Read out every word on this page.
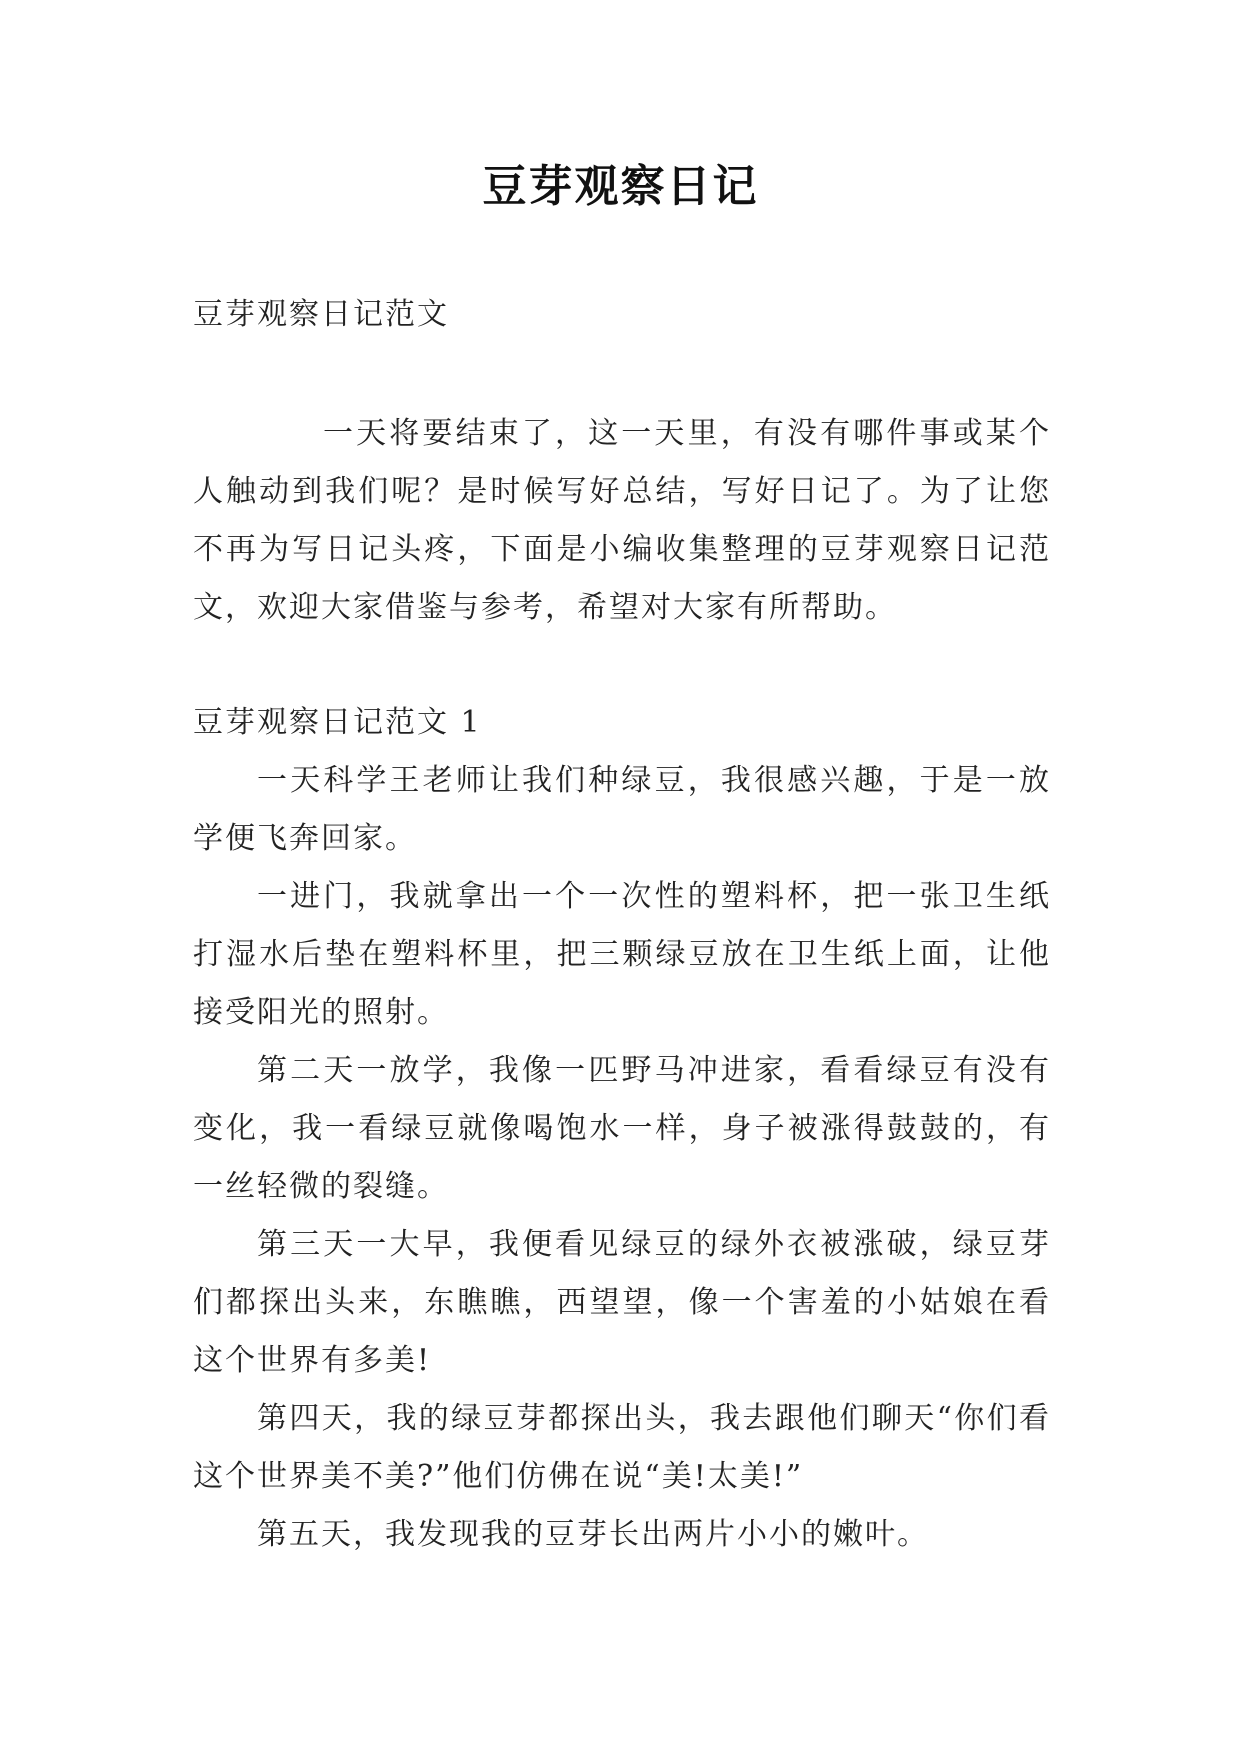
豆芽观察日记
豆芽观察日记范文
一天将要结束了，这一天里，有没有哪件事或某个人触动到我们呢？是时候写好总结，写好日记了。为了让您不再为写日记头疼，下面是小编收集整理的豆芽观察日记范文，欢迎大家借鉴与参考，希望对大家有所帮助。

豆芽观察日记范文 1

一天科学王老师让我们种绿豆，我很感兴趣，于是一放学便飞奔回家。

一进门，我就拿出一个一次性的塑料杯，把一张卫生纸打湿水后垫在塑料杯里，把三颗绿豆放在卫生纸上面，让他接受阳光的照射。

第二天一放学，我像一匹野马冲进家，看看绿豆有没有变化，我一看绿豆就像喝饱水一样，身子被涨得鼓鼓的，有一丝轻微的裂缝。

第三天一大早，我便看见绿豆的绿外衣被涨破，绿豆芽们都探出头来，东瞧瞧，西望望，像一个害羞的小姑娘在看这个世界有多美!

第四天，我的绿豆芽都探出头，我去跟他们聊天“你们看这个世界美不美?”他们仿佛在说“美!太美!”

第五天，我发现我的豆芽长出两片小小的嫩叶。
